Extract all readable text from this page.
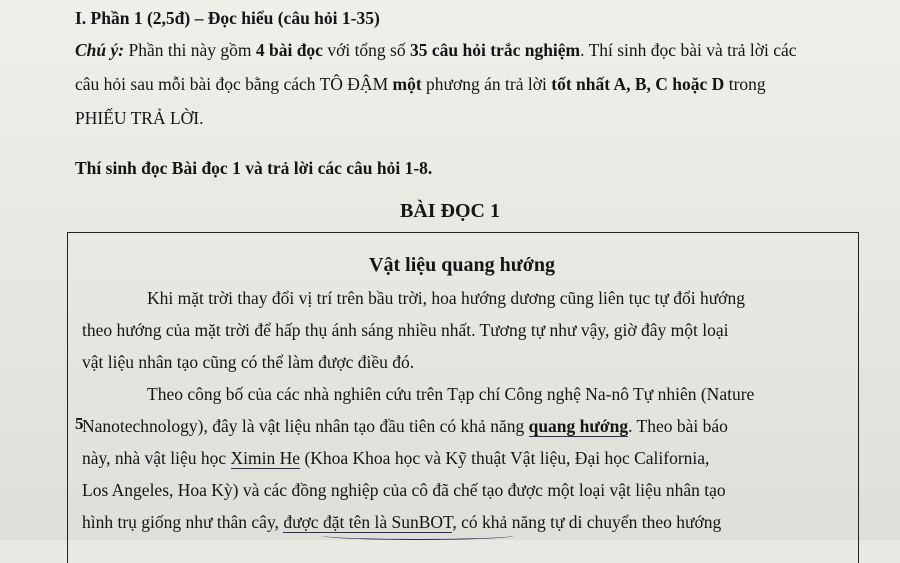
I. Phần 1 (2,5đ) – Đọc hiểu (câu hỏi 1-35)
Chú ý: Phần thi này gồm 4 bài đọc với tổng số 35 câu hỏi trắc nghiệm. Thí sinh đọc bài và trả lời các
câu hỏi sau mỗi bài đọc bằng cách TÔ ĐẬM một phương án trả lời tốt nhất A, B, C hoặc D trong
PHIẾU TRẢ LỜI.
Thí sinh đọc Bài đọc 1 và trả lời các câu hỏi 1-8.
BÀI ĐỌC 1
Vật liệu quang hướng
Khi mặt trời thay đổi vị trí trên bầu trời, hoa hướng dương cũng liên tục tự đổi hướng
theo hướng của mặt trời để hấp thụ ánh sáng nhiều nhất. Tương tự như vậy, giờ đây một loại
vật liệu nhân tạo cũng có thể làm được điều đó.
Theo công bố của các nhà nghiên cứu trên Tạp chí Công nghệ Na-nô Tự nhiên (Nature
5
Nanotechnology), đây là vật liệu nhân tạo đầu tiên có khả năng quang hướng. Theo bài báo
này, nhà vật liệu học Ximin He (Khoa Khoa học và Kỹ thuật Vật liệu, Đại học California,
Los Angeles, Hoa Kỳ) và các đồng nghiệp của cô đã chế tạo được một loại vật liệu nhân tạo
hình trụ giống như thân cây, được đặt tên là SunBOT, có khả năng tự di chuyển theo hướng
